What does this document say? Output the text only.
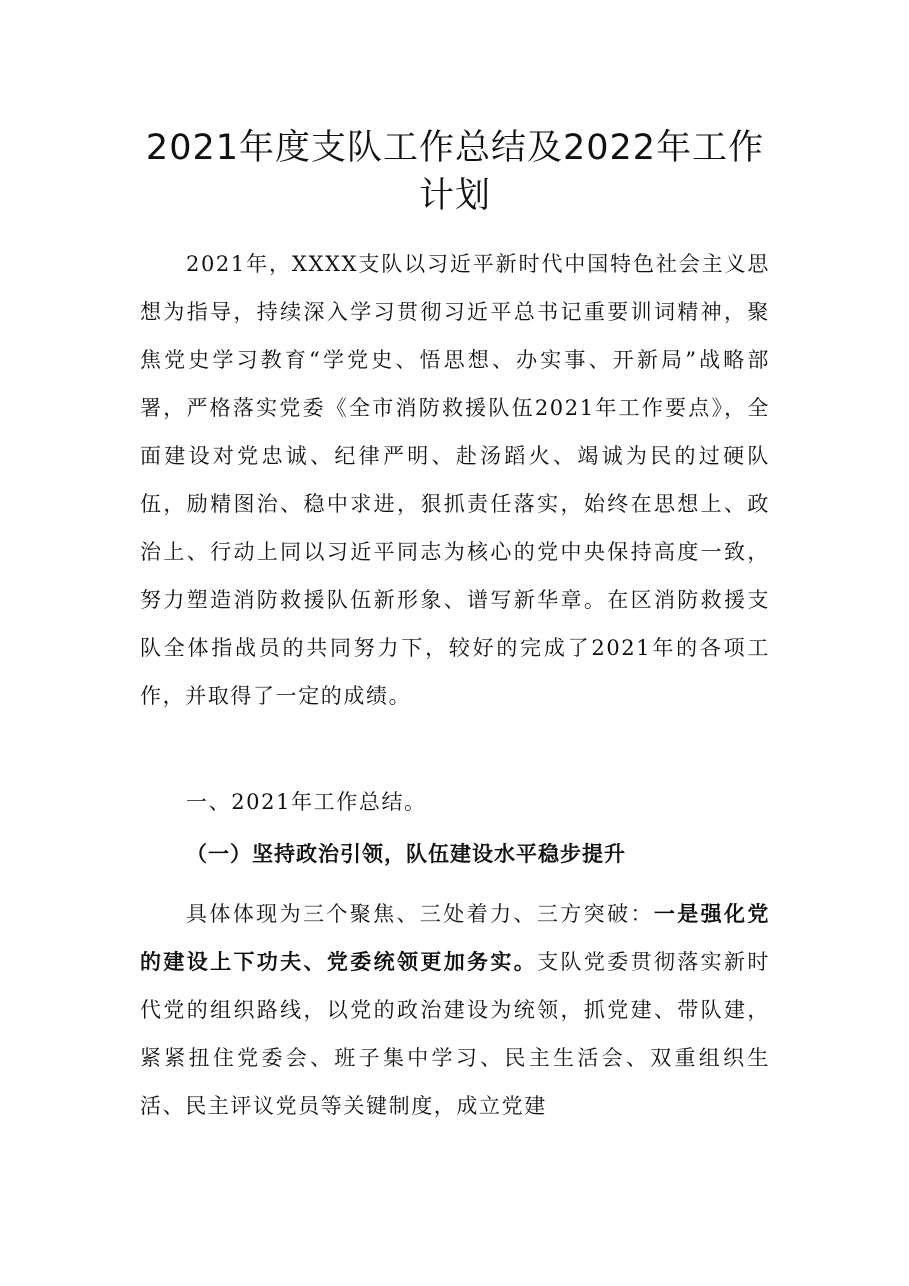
2021年度支队工作总结及2022年工作计划

2021年，XXXX支队以习近平新时代中国特色社会主义思想为指导，持续深入学习贯彻习近平总书记重要训词精神，聚焦党史学习教育“学党史、悟思想、办实事、开新局”战略部署，严格落实党委《全市消防救援队伍2021年工作要点》，全面建设对党忠诚、纪律严明、赴汤蹈火、竭诚为民的过硬队伍，励精图治、稳中求进，狠抓责任落实，始终在思想上、政治上、行动上同以习近平同志为核心的党中央保持高度一致，努力塑造消防救援队伍新形象、谱写新华章。在区消防救援支队全体指战员的共同努力下，较好的完成了2021年的各项工作，并取得了一定的成绩。

一、2021年工作总结。

（一）坚持政治引领，队伍建设水平稳步提升

具体体现为三个聚焦、三处着力、三方突破：一是强化党的建设上下功夫、党委统领更加务实。支队党委贯彻落实新时代党的组织路线，以党的政治建设为统领，抓党建、带队建，紧紧扭住党委会、班子集中学习、民主生活会、双重组织生活、民主评议党员等关键制度，成立党建
